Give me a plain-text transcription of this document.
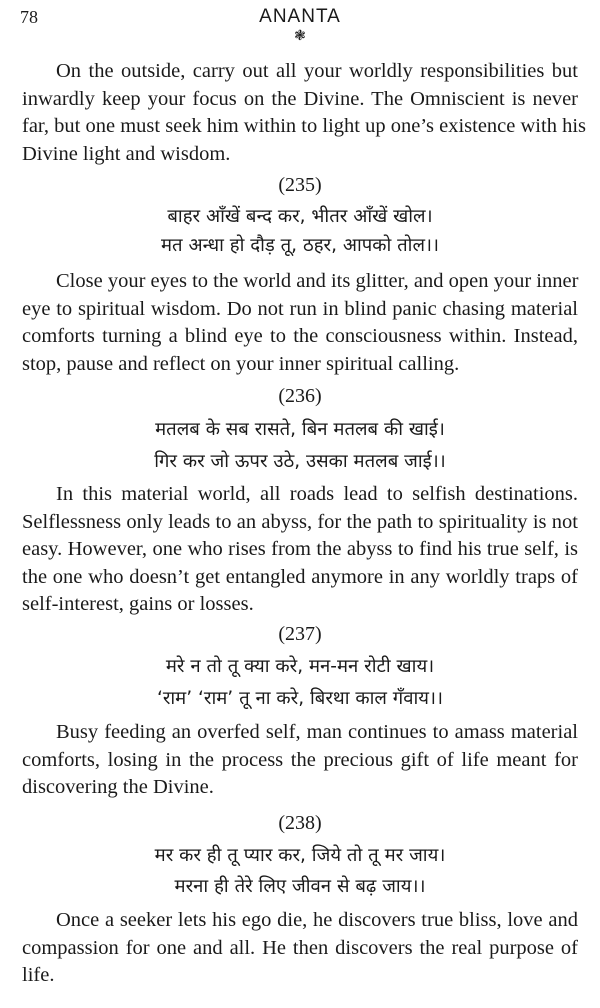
78	ANANTA
❃

On the outside, carry out all your worldly responsibilities but
inwardly keep your focus on the Divine. The Omniscient is never
far, but one must seek him within to light up one’s existence with his
Divine light and wisdom.

(235)
बाहर आँखें बन्द कर, भीतर आँखें खोल।
मत अन्धा हो दौड़ तू, ठहर, आपको तोल।।

Close your eyes to the world and its glitter, and open your inner
eye to spiritual wisdom. Do not run in blind panic chasing material
comforts turning a blind eye to the consciousness within. Instead,
stop, pause and reflect on your inner spiritual calling.

(236)
मतलब के सब रासते, बिन मतलब की खाई।
गिर कर जो ऊपर उठे, उसका मतलब जाई।।

In this material world, all roads lead to selfish destinations.
Selflessness only leads to an abyss, for the path to spirituality is not
easy. However, one who rises from the abyss to find his true self, is
the one who doesn’t get entangled anymore in any worldly traps of
self-interest, gains or losses.

(237)
मरे न तो तू क्या करे, मन-मन रोटी खाय।
‘राम’ ‘राम’ तू ना करे, बिरथा काल गँवाय।।

Busy feeding an overfed self, man continues to amass material
comforts, losing in the process the precious gift of life meant for
discovering the Divine.

(238)
मर कर ही तू प्यार कर, जिये तो तू मर जाय।
मरना ही तेरे लिए जीवन से बढ़ जाय।।

Once a seeker lets his ego die, he discovers true bliss, love and
compassion for one and all. He then discovers the real purpose of
life.
